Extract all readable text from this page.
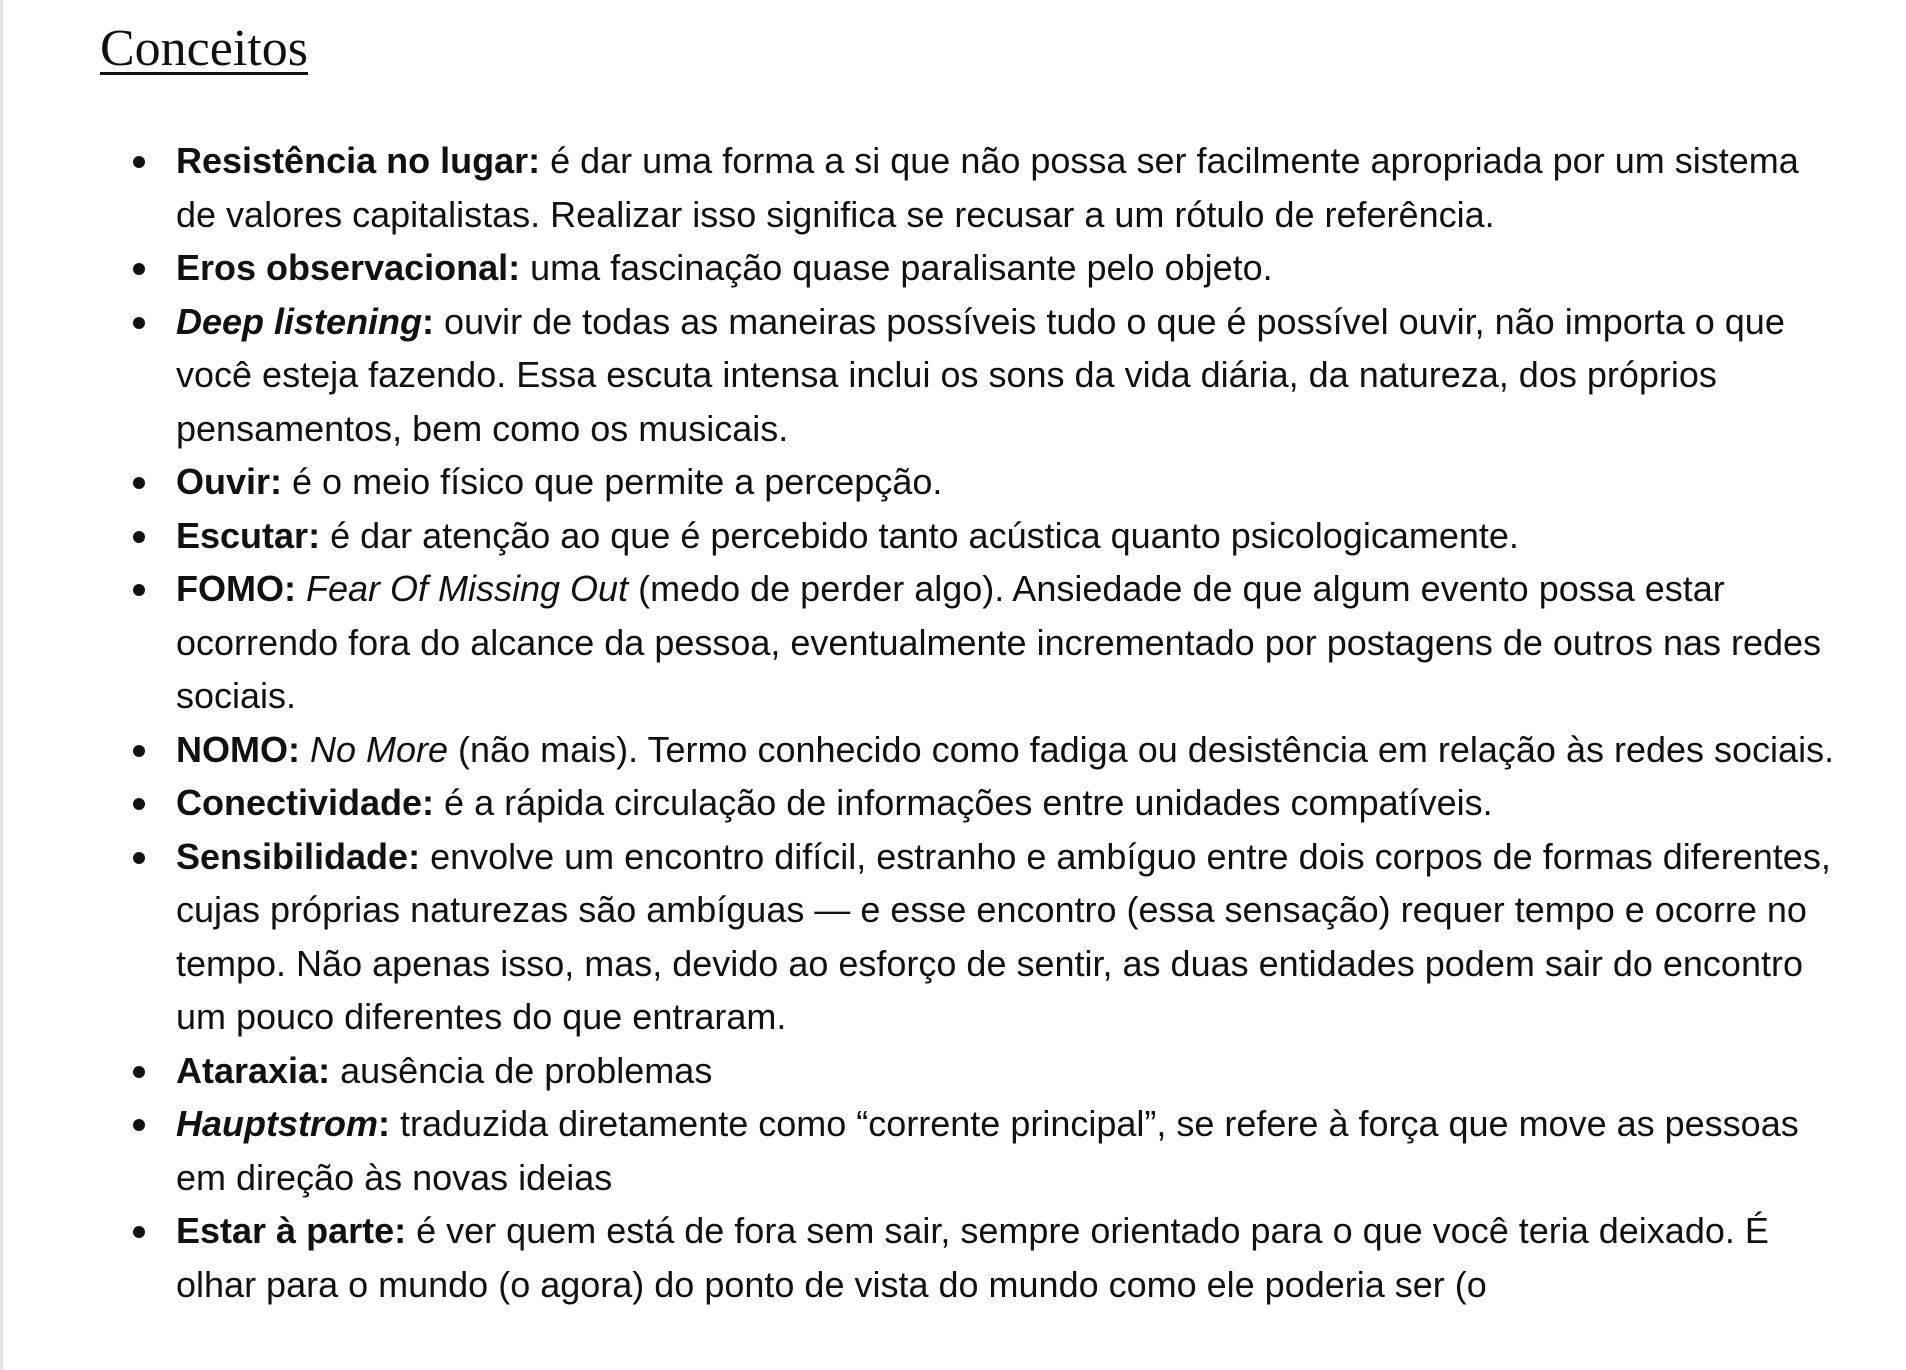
Conceitos
Resistência no lugar: é dar uma forma a si que não possa ser facilmente apropriada por um sistema de valores capitalistas. Realizar isso significa se recusar a um rótulo de referência.
Eros observacional: uma fascinação quase paralisante pelo objeto.
Deep listening: ouvir de todas as maneiras possíveis tudo o que é possível ouvir, não importa o que você esteja fazendo. Essa escuta intensa inclui os sons da vida diária, da natureza, dos próprios pensamentos, bem como os musicais.
Ouvir: é o meio físico que permite a percepção.
Escutar: é dar atenção ao que é percebido tanto acústica quanto psicologicamente.
FOMO: Fear Of Missing Out (medo de perder algo). Ansiedade de que algum evento possa estar ocorrendo fora do alcance da pessoa, eventualmente incrementado por postagens de outros nas redes sociais.
NOMO: No More (não mais). Termo conhecido como fadiga ou desistência em relação às redes sociais.
Conectividade: é a rápida circulação de informações entre unidades compatíveis.
Sensibilidade: envolve um encontro difícil, estranho e ambíguo entre dois corpos de formas diferentes, cujas próprias naturezas são ambíguas — e esse encontro (essa sensação) requer tempo e ocorre no tempo. Não apenas isso, mas, devido ao esforço de sentir, as duas entidades podem sair do encontro um pouco diferentes do que entraram.
Ataraxia: ausência de problemas
Hauptstrom: traduzida diretamente como “corrente principal”, se refere à força que move as pessoas em direção às novas ideias
Estar à parte: é ver quem está de fora sem sair, sempre orientado para o que você teria deixado. É olhar para o mundo (o agora) do ponto de vista do mundo como ele poderia ser (o
